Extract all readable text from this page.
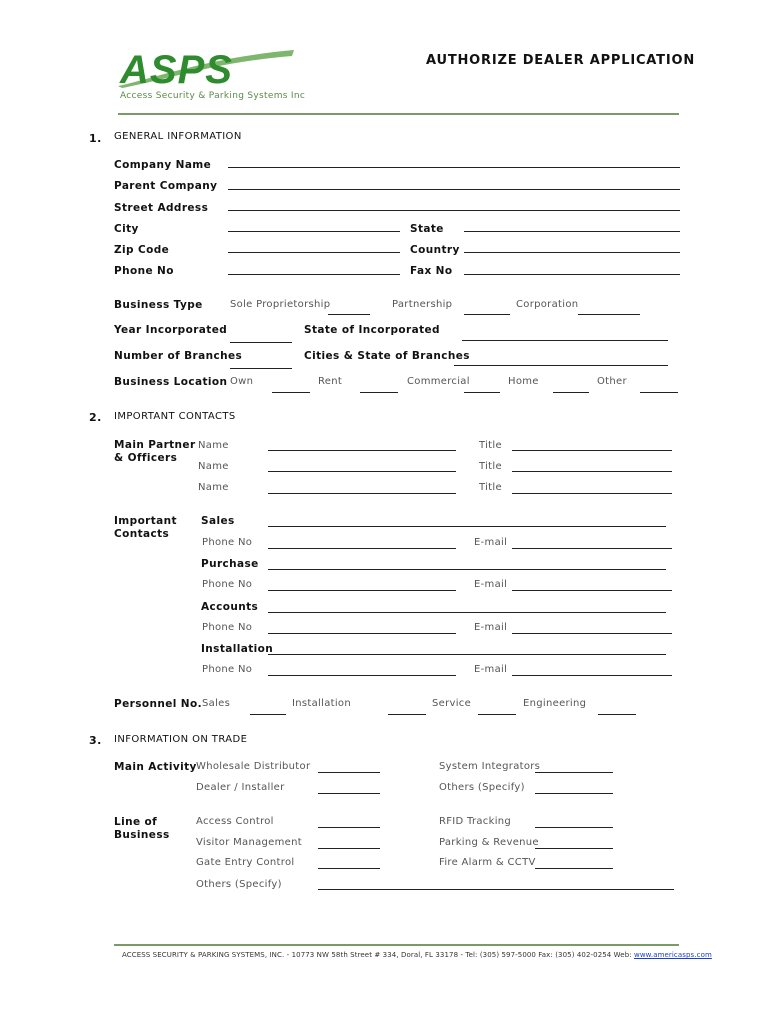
ASPS
Access Security & Parking Systems Inc
AUTHORIZE DEALER APPLICATION
1. GENERAL INFORMATION
Company Name
Parent Company
Street Address
City	State
Zip Code	Country
Phone No	Fax No
Business Type	Sole Proprietorship	Partnership	Corporation
Year Incorporated	State of Incorporated
Number of Branches	Cities & State of Branches
Business Location Own	Rent	Commercial	Home	Other
2. IMPORTANT CONTACTS
Main Partner
& Officers
Name	Title
Name	Title
Name	Title
Important
Contacts
Sales
Phone No	E-mail
Purchase
Phone No	E-mail
Accounts
Phone No	E-mail
Installation
Phone No	E-mail
Personnel No. Sales	Installation	Service	Engineering
3. INFORMATION ON TRADE
Main Activity Wholesale Distributor	System Integrators
Dealer / Installer	Others (Specify)
Line of
Business
Access Control	RFID Tracking
Visitor Management	Parking & Revenue
Gate Entry Control	Fire Alarm & CCTV
Others (Specify)
ACCESS SECURITY & PARKING SYSTEMS, INC. - 10773 NW 58th Street # 334, Doral, FL 33178 - Tel: (305) 597-5000 Fax: (305) 402-0254 Web: www.americasps.com
